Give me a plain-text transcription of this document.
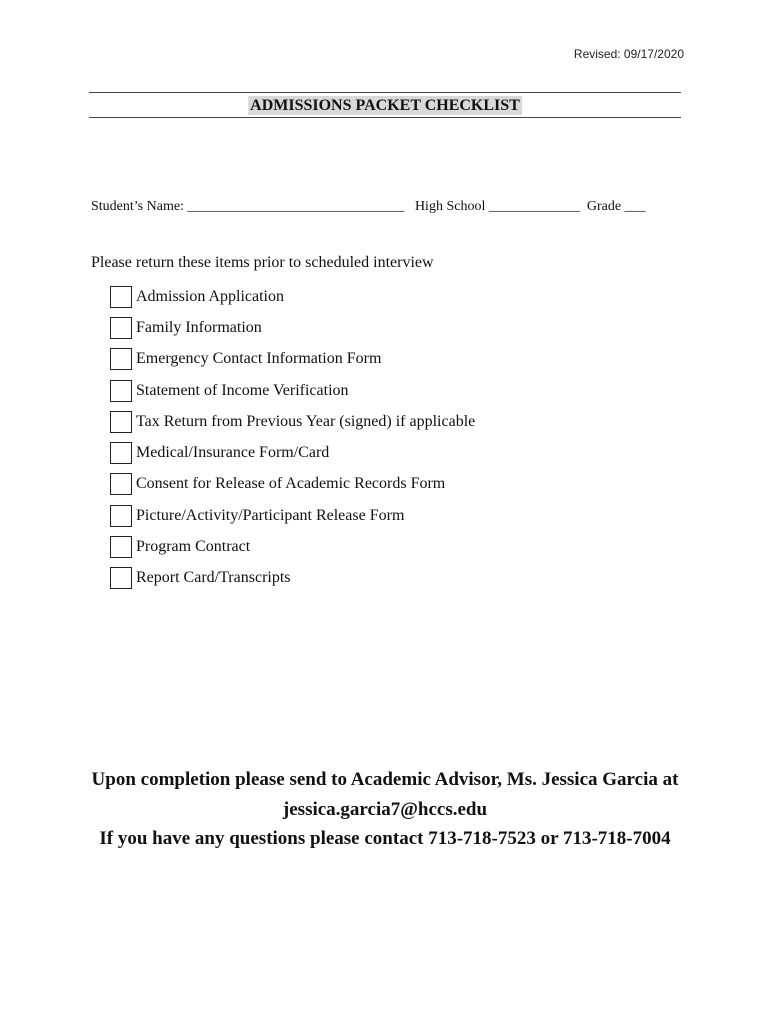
Revised: 09/17/2020
ADMISSIONS PACKET CHECKLIST
Student’s Name: _______________________________ High School _____________ Grade ___
Please return these items prior to scheduled interview
Admission Application
Family Information
Emergency Contact Information Form
Statement of Income Verification
Tax Return from Previous Year (signed) if applicable
Medical/Insurance Form/Card
Consent for Release of Academic Records Form
Picture/Activity/Participant Release Form
Program Contract
Report Card/Transcripts
Upon completion please send to Academic Advisor, Ms. Jessica Garcia at
jessica.garcia7@hccs.edu
If you have any questions please contact 713-718-7523 or 713-718-7004
